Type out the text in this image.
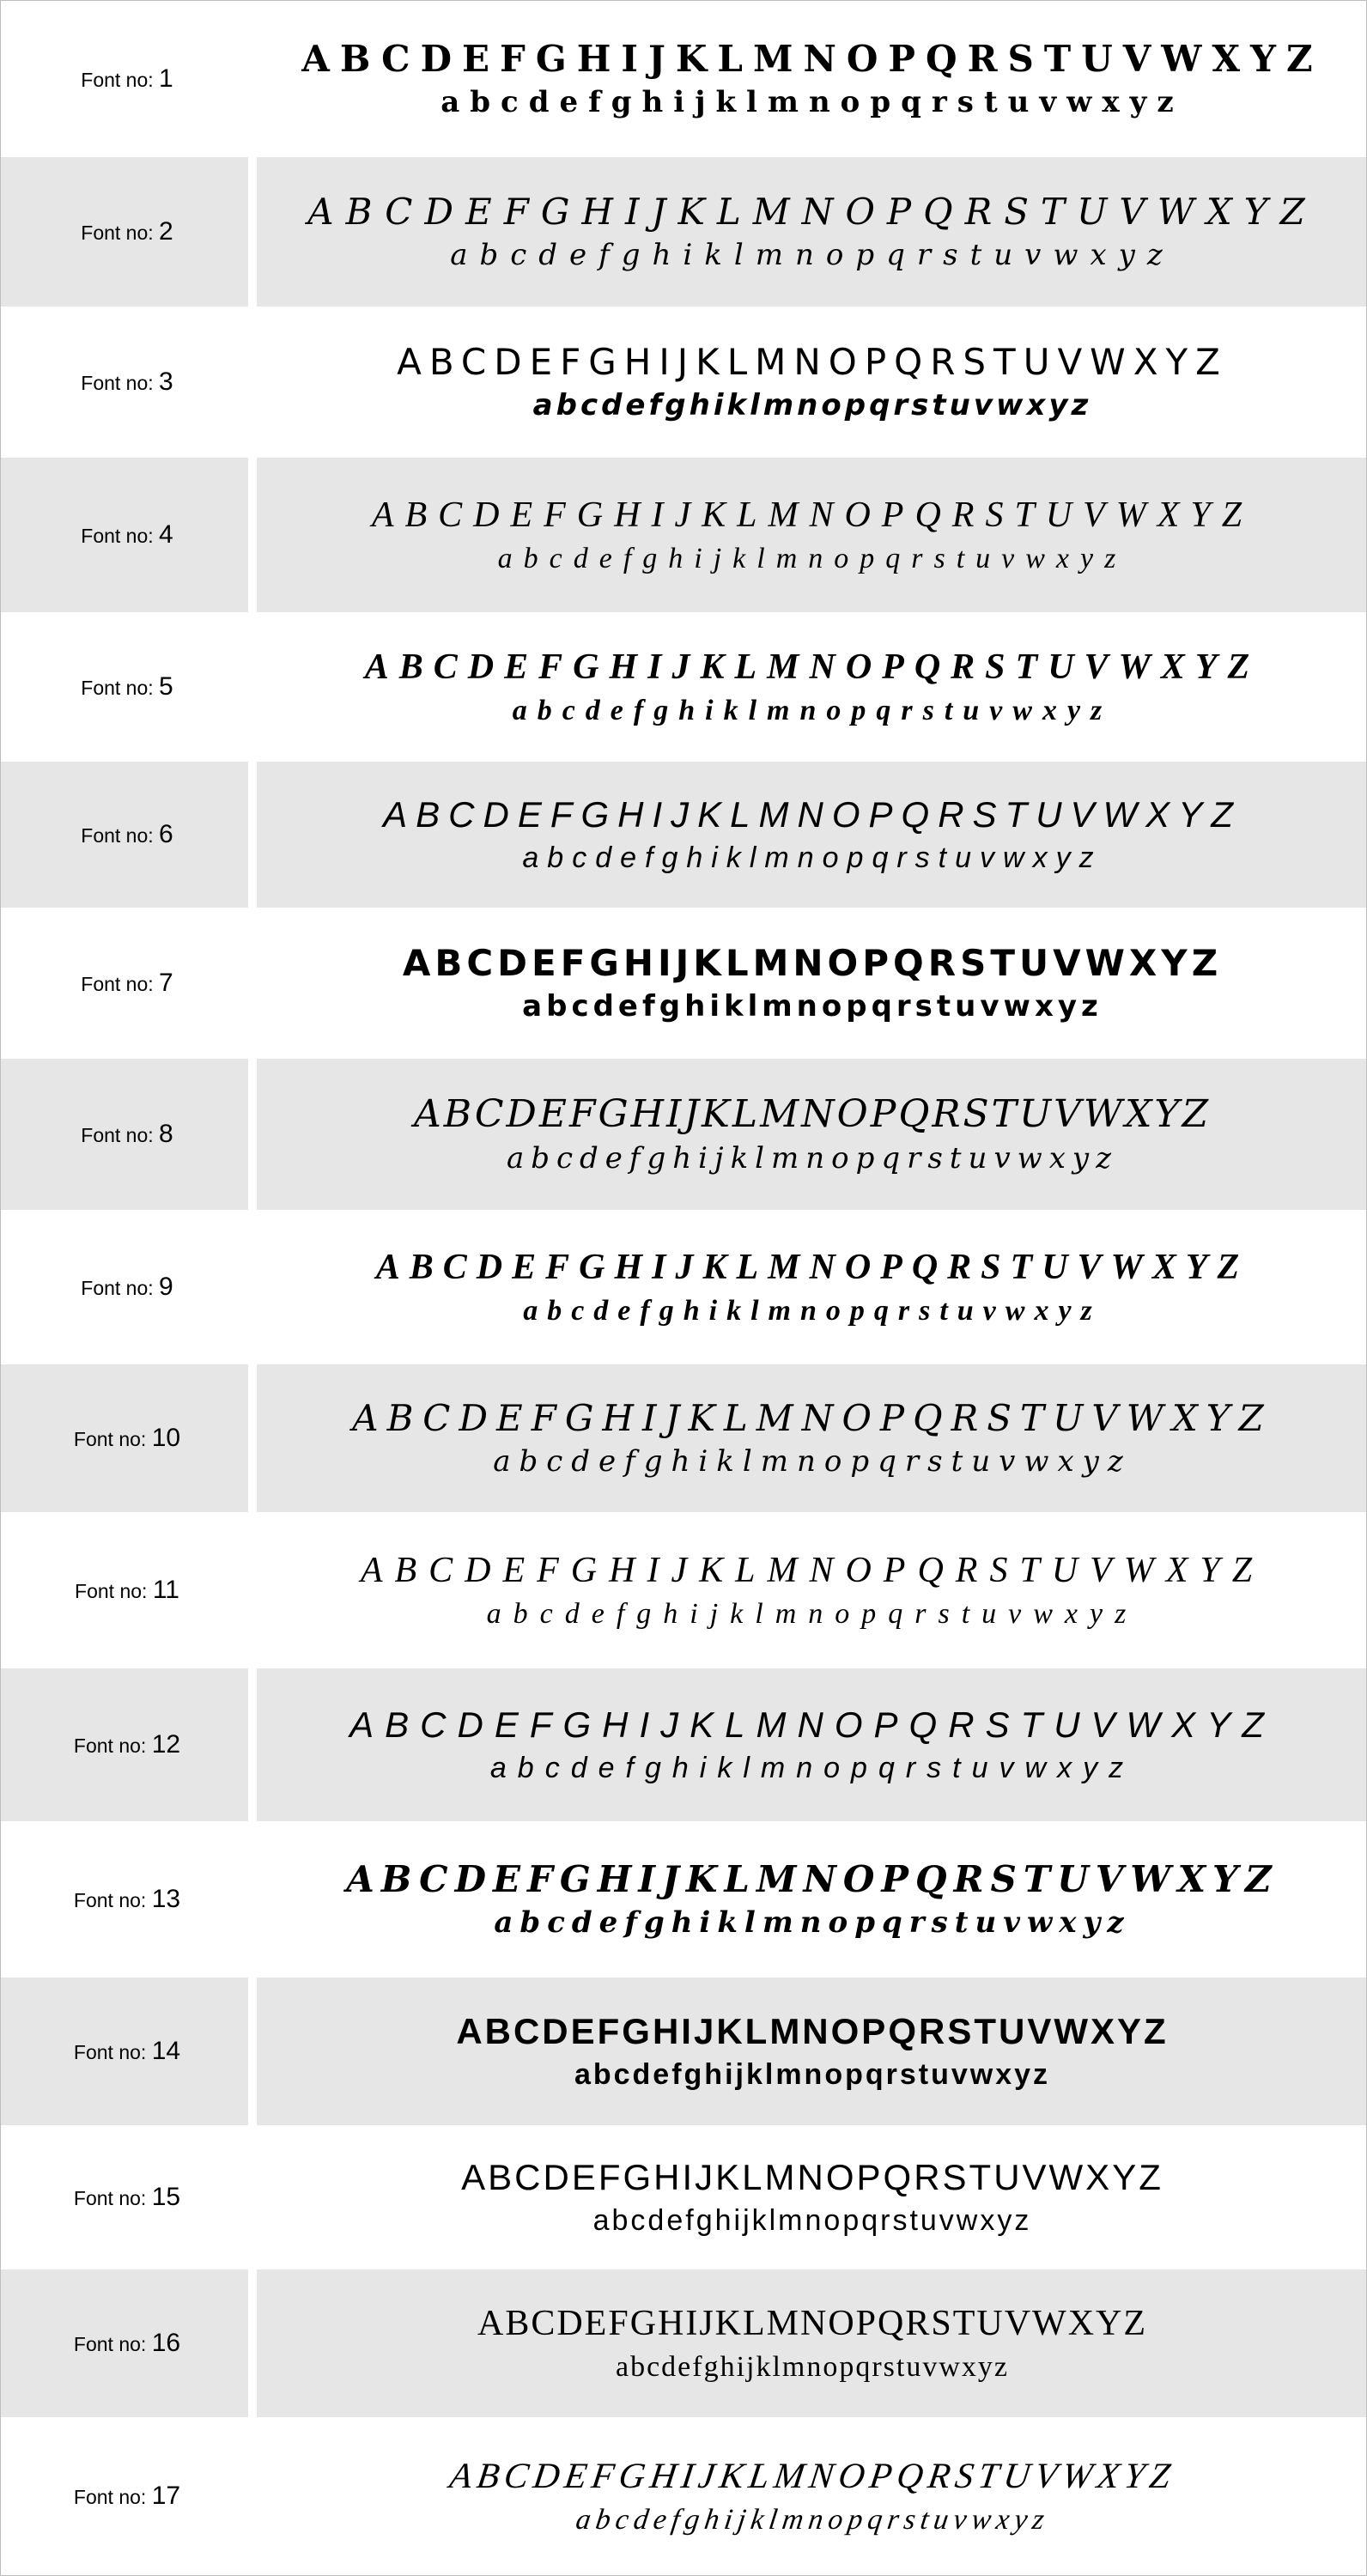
Font no: 1	ABCDEFGHIJKLMNOPQRSTUVWXYZ
abcdefghijklmnopqrstuvwxyz
Font no: 2	ABCDEFGHIJKLMNOPQRSTUVWXYZ
abcdefghiklmnopqrstuvwxyz
Font no: 3	ABCDEFGHIJKLMNOPQRSTUVWXYZ
abcdefghiklmnopqrstuvwxyz
Font no: 4	ABCDEFGHIJKLMNOPQRSTUVWXYZ
abcdefghijklmnopqrstuvwxyz
Font no: 5	ABCDEFGHIJKLMNOPQRSTUVWXYZ
abcdefghiklmnopqrstuvwxyz
Font no: 6	ABCDEFGHIJKLMNOPQRSTUVWXYZ
abcdefghiklmnopqrstuvwxyz
Font no: 7	ABCDEFGHIJKLMNOPQRSTUVWXYZ
abcdefghiklmnopqrstuvwxyz
Font no: 8	ABCDEFGHIJKLMNOPQRSTUVWXYZ
abcdefghijklmnopqrstuvwxyz
Font no: 9	ABCDEFGHIJKLMNOPQRSTUVWXYZ
abcdefghiklmnopqrstuvwxyz
Font no: 10	ABCDEFGHIJKLMNOPQRSTUVWXYZ
abcdefghiklmnopqrstuvwxyz
Font no: 11	ABCDEFGHIJKLMNOPQRSTUVWXYZ
abcdefghijklmnopqrstuvwxyz
Font no: 12	ABCDEFGHIJKLMNOPQRSTUVWXYZ
abcdefghiklmnopqrstuvwxyz
Font no: 13	ABCDEFGHIJKLMNOPQRSTUVWXYZ
abcdefghiklmnopqrstuvwxyz
Font no: 14	ABCDEFGHIJKLMNOPQRSTUVWXYZ
abcdefghijklmnopqrstuvwxyz
Font no: 15	ABCDEFGHIJKLMNOPQRSTUVWXYZ
abcdefghijklmnopqrstuvwxyz
Font no: 16	ABCDEFGHIJKLMNOPQRSTUVWXYZ
abcdefghijklmnopqrstuvwxyz
Font no: 17	ABCDEFGHIJKLMNOPQRSTUVWXYZ
abcdefghijklmnopqrstuvwxyz
